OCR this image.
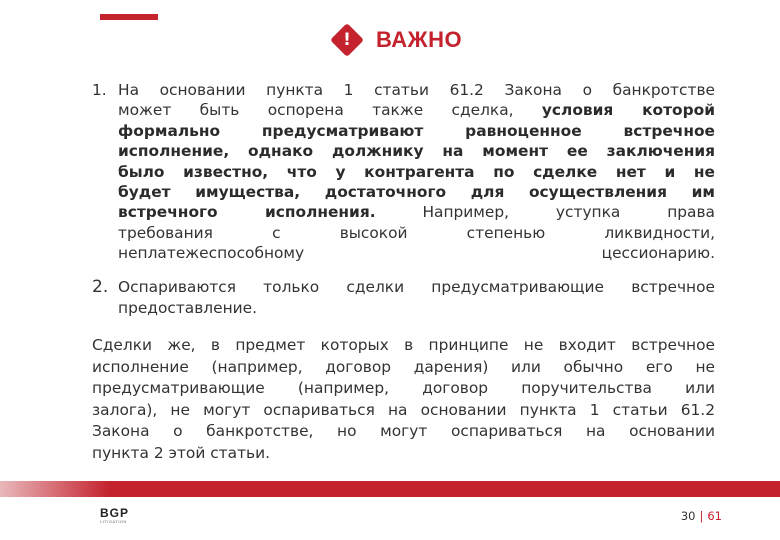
!	ВАЖНО
1. На основании пункта 1 статьи 61.2 Закона о банкротстве
может быть оспорена также сделка, условия которой
формально предусматривают равноценное встречное
исполнение, однако должнику на момент ее заключения
было известно, что у контрагента по сделке нет и не
будет имущества, достаточного для осуществления им
встречного исполнения.	Например, уступка права
требования с высокой степенью ликвидности,
неплатежеспособному цессионарию.
2. Оспариваются только сделки предусматривающие встречное
предоставление.
Сделки же, в предмет которых в принципе не входит встречное
исполнение (например, договор дарения) или обычно его не
предусматривающие (например, договор поручительства или
залога), не могут оспариваться на основании пункта 1 статьи 61.2
Закона о банкротстве, но могут оспариваться на основании
пункта 2 этой статьи.
BGP
LITIGATION	30 | 61
